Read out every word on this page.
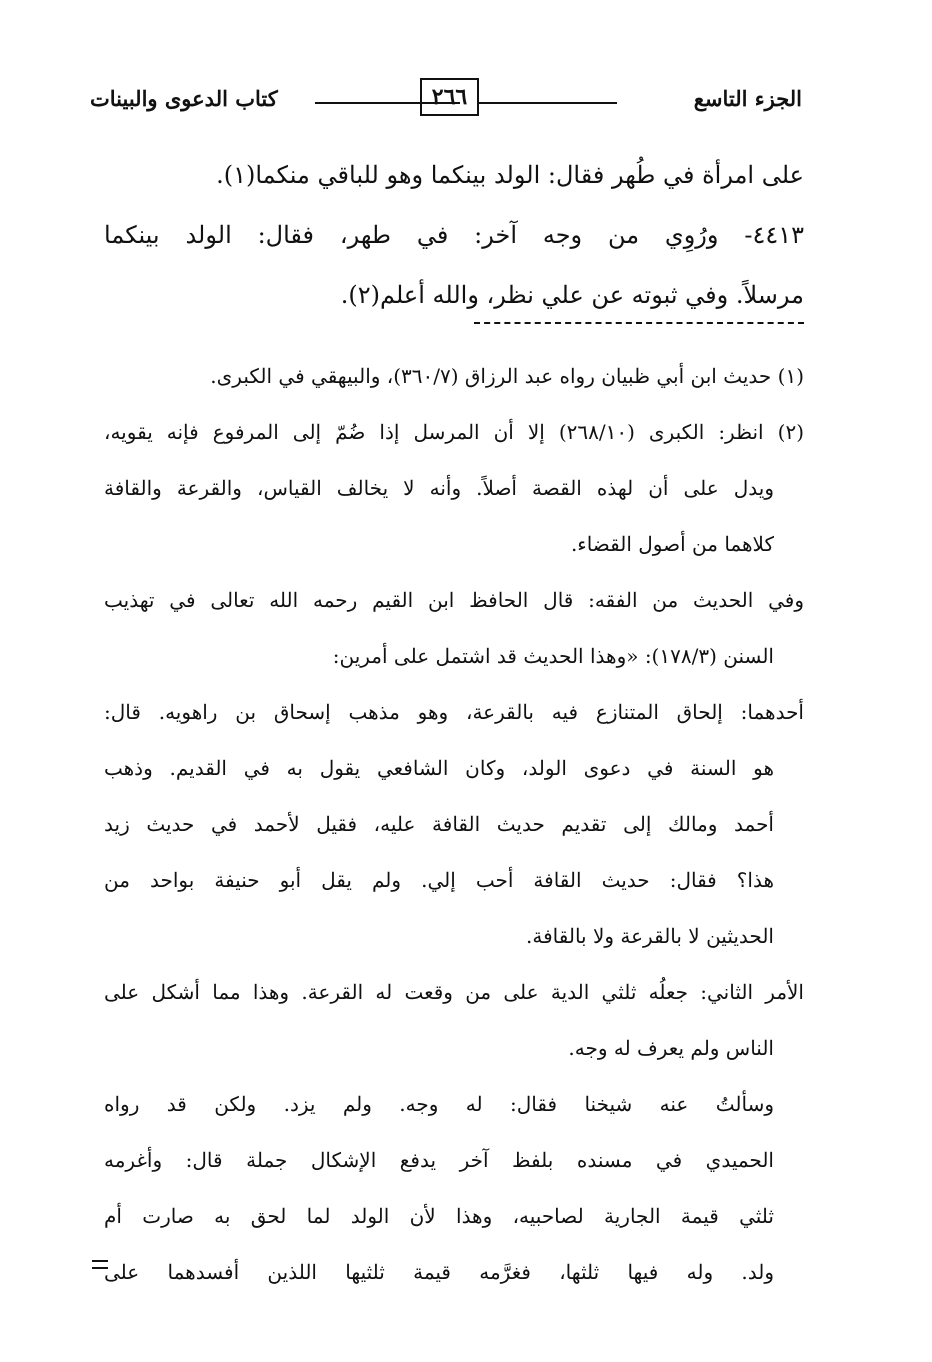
الجزء التاسع
٢٦٦
كتاب الدعوى والبينات

على امرأة في طُهر فقال: الولد بينكما وهو للباقي منكما(١).

٤٤١٣- ورُوِي من وجه آخر: في طهر، فقال: الولد بينكما

مرسلاً. وفي ثبوته عن علي نظر، والله أعلم(٢).

(١) حديث ابن أبي ظبيان رواه عبد الرزاق (٣٦٠/٧)، والبيهقي في الكبرى.

(٢) انظر: الكبرى (٢٦٨/١٠) إلا أن المرسل إذا ضُمّ إلى المرفوع فإنه يقويه،

ويدل على أن لهذه القصة أصلاً. وأنه لا يخالف القياس، والقرعة والقافة

كلاهما من أصول القضاء.

وفي الحديث من الفقه: قال الحافظ ابن القيم رحمه الله تعالى في تهذيب

السنن (١٧٨/٣): «وهذا الحديث قد اشتمل على أمرين:

أحدهما: إلحاق المتنازع فيه بالقرعة، وهو مذهب إسحاق بن راهويه. قال:

هو السنة في دعوى الولد، وكان الشافعي يقول به في القديم. وذهب

أحمد ومالك إلى تقديم حديث القافة عليه، فقيل لأحمد في حديث زيد

هذا؟ فقال: حديث القافة أحب إلي. ولم يقل أبو حنيفة بواحد من

الحديثين لا بالقرعة ولا بالقافة.

الأمر الثاني: جعلُه ثلثي الدية على من وقعت له القرعة. وهذا مما أشكل على

الناس ولم يعرف له وجه.

وسألتُ عنه شيخنا فقال: له وجه. ولم يزد. ولكن قد رواه

الحميدي في مسنده بلفظ آخر يدفع الإشكال جملة قال: وأغرمه

ثلثي قيمة الجارية لصاحبيه، وهذا لأن الولد لما لحق به صارت أم

ولد. وله فيها ثلثها، فغرَّمه قيمة ثلثيها اللذين أفسدهما على
